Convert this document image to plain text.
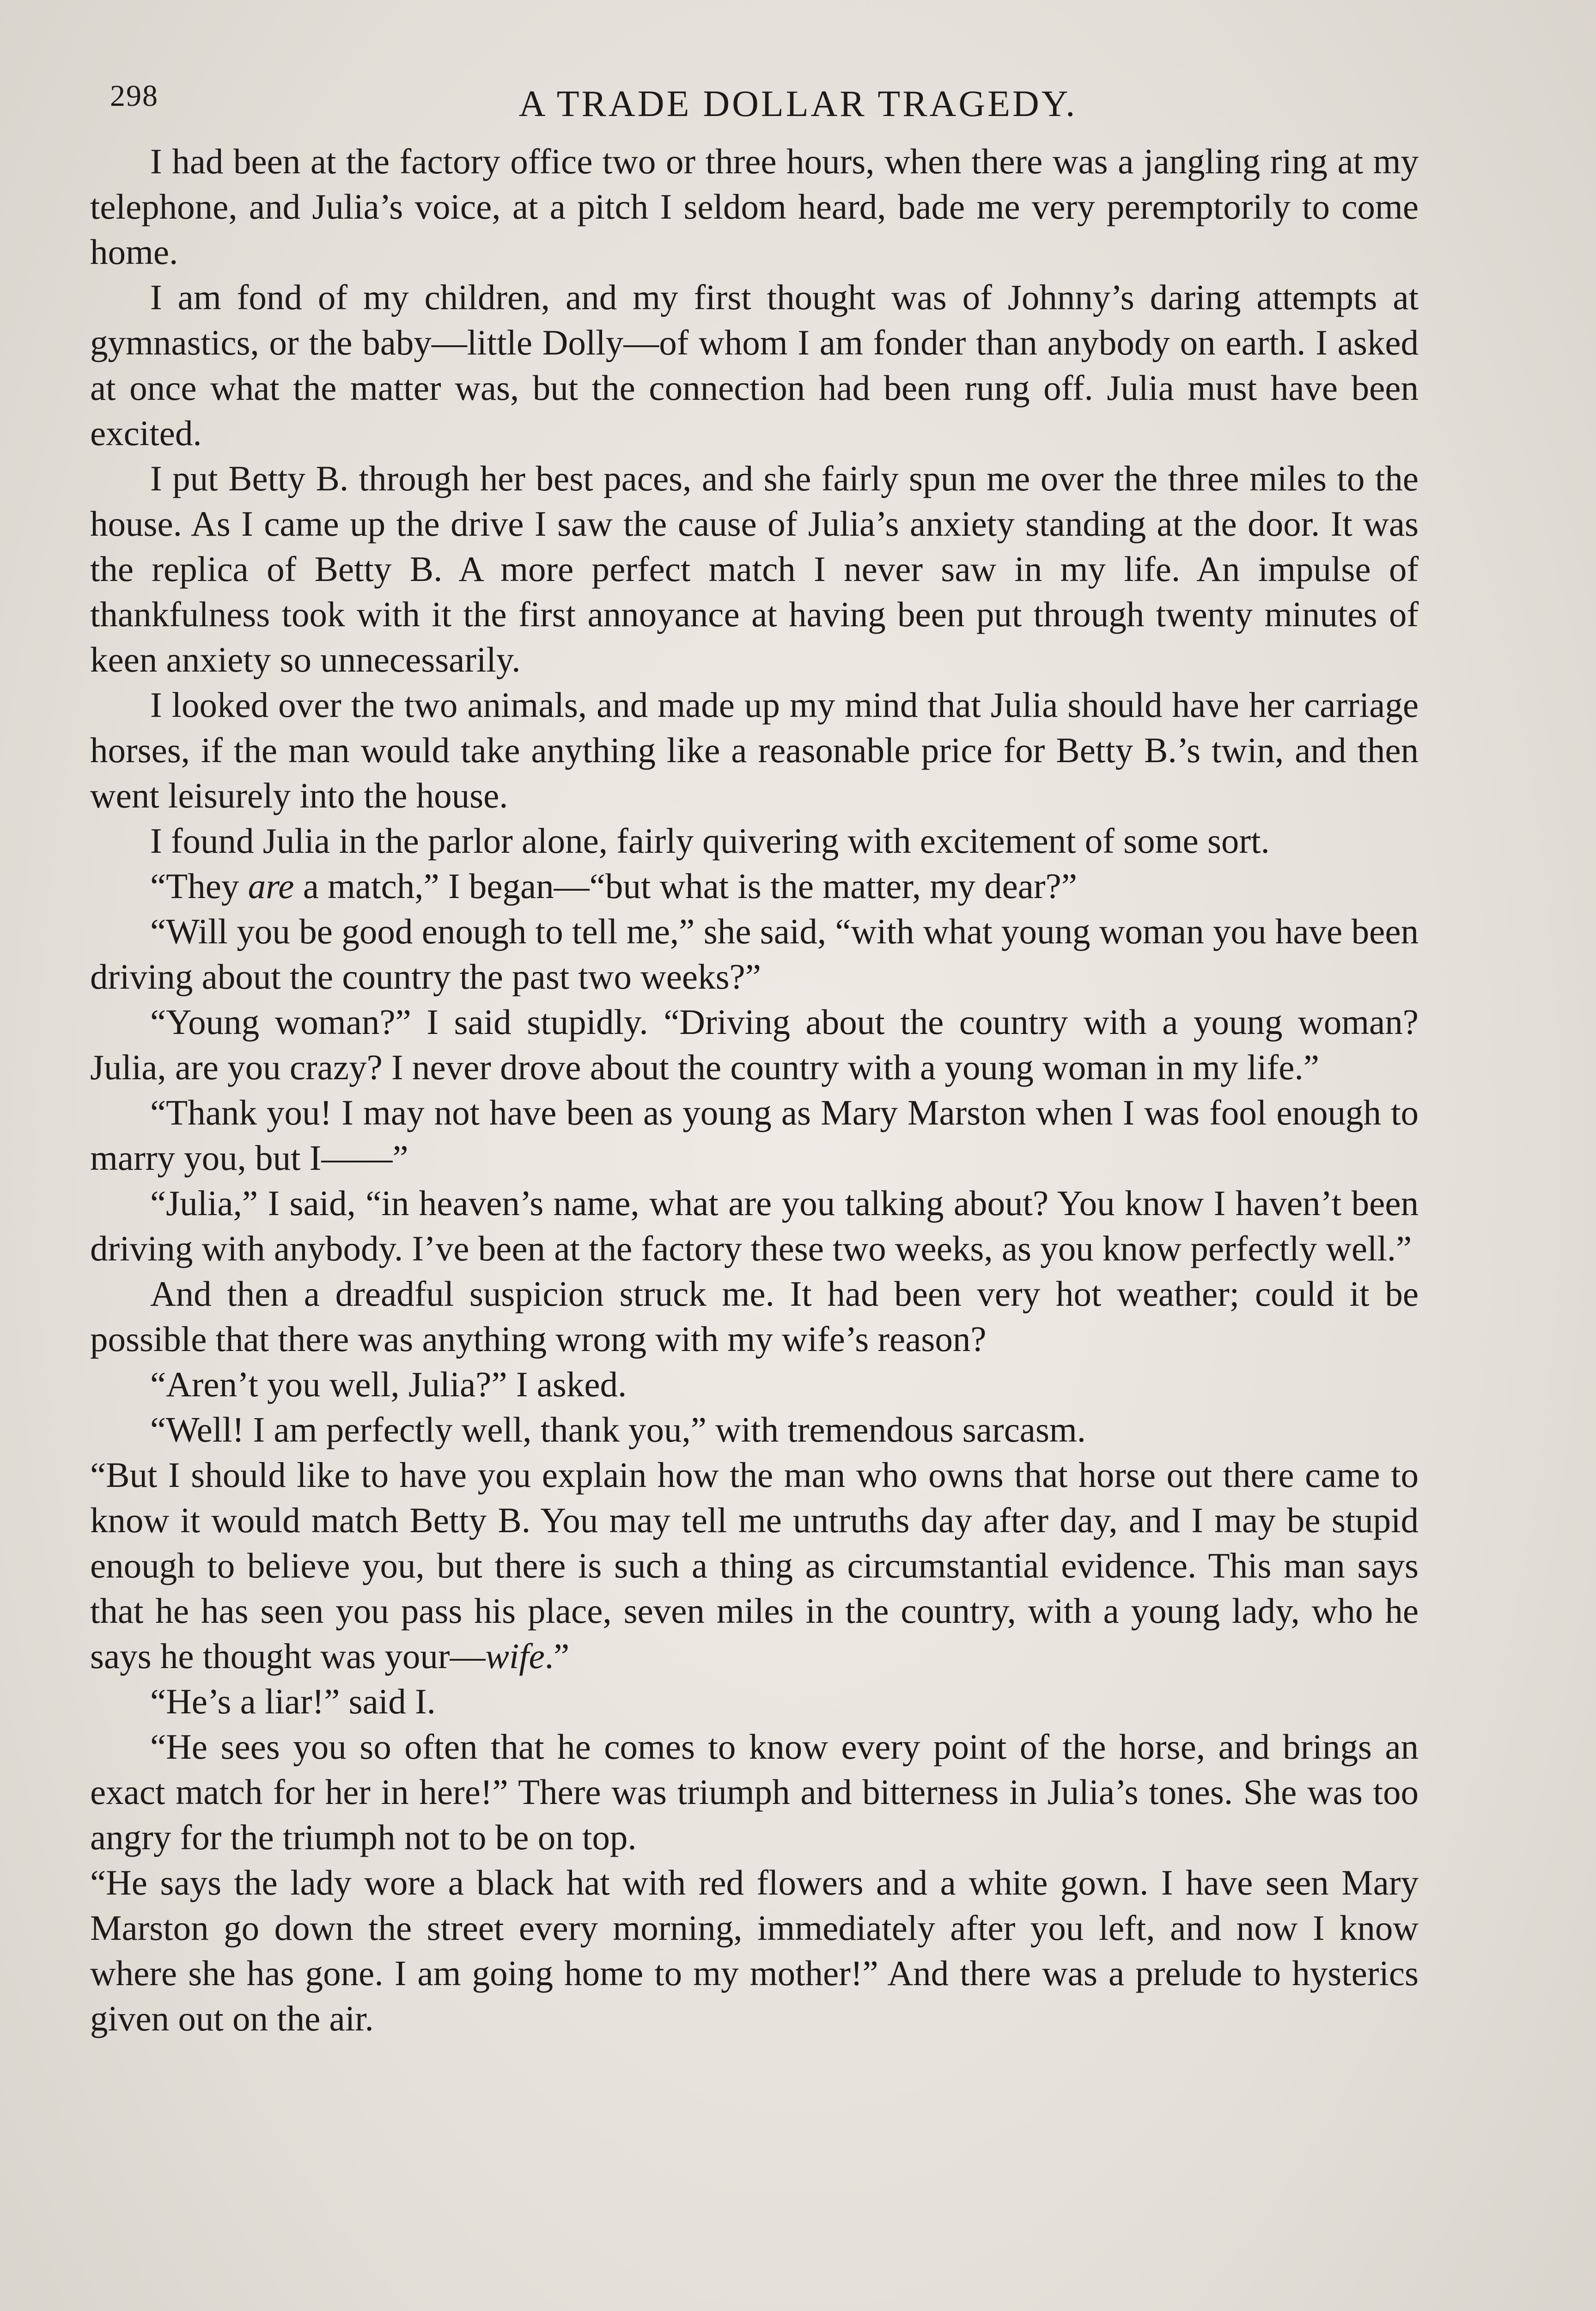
298	A TRADE DOLLAR TRAGEDY.

I had been at the factory office two or three hours, when there was a jangling ring at my telephone, and Julia’s voice, at a pitch I seldom heard, bade me very peremptorily to come home.

I am fond of my children, and my first thought was of Johnny’s daring attempts at gymnastics, or the baby—little Dolly—of whom I am fonder than anybody on earth. I asked at once what the matter was, but the connection had been rung off. Julia must have been excited.

I put Betty B. through her best paces, and she fairly spun me over the three miles to the house. As I came up the drive I saw the cause of Julia’s anxiety standing at the door. It was the replica of Betty B. A more perfect match I never saw in my life. An impulse of thankfulness took with it the first annoyance at having been put through twenty minutes of keen anxiety so unnecessarily.

I looked over the two animals, and made up my mind that Julia should have her carriage horses, if the man would take anything like a reasonable price for Betty B.’s twin, and then went leisurely into the house.

I found Julia in the parlor alone, fairly quivering with excitement of some sort.

“They are a match,” I began—“but what is the matter, my dear?”

“Will you be good enough to tell me,” she said, “with what young woman you have been driving about the country the past two weeks?”

“Young woman?” I said stupidly. “Driving about the country with a young woman? Julia, are you crazy? I never drove about the country with a young woman in my life.”

“Thank you! I may not have been as young as Mary Marston when I was fool enough to marry you, but I——”

“Julia,” I said, “in heaven’s name, what are you talking about? You know I haven’t been driving with anybody. I’ve been at the factory these two weeks, as you know perfectly well.”

And then a dreadful suspicion struck me. It had been very hot weather; could it be possible that there was anything wrong with my wife’s reason?

“Aren’t you well, Julia?” I asked.

“Well! I am perfectly well, thank you,” with tremendous sarcasm.

“But I should like to have you explain how the man who owns that horse out there came to know it would match Betty B. You may tell me untruths day after day, and I may be stupid enough to believe you, but there is such a thing as circumstantial evidence. This man says that he has seen you pass his place, seven miles in the country, with a young lady, who he says he thought was your—wife.”

“He’s a liar!” said I.

“He sees you so often that he comes to know every point of the horse, and brings an exact match for her in here!” There was triumph and bitterness in Julia’s tones. She was too angry for the triumph not to be on top.

“He says the lady wore a black hat with red flowers and a white gown. I have seen Mary Marston go down the street every morning, immediately after you left, and now I know where she has gone. I am going home to my mother!” And there was a prelude to hysterics given out on the air.
